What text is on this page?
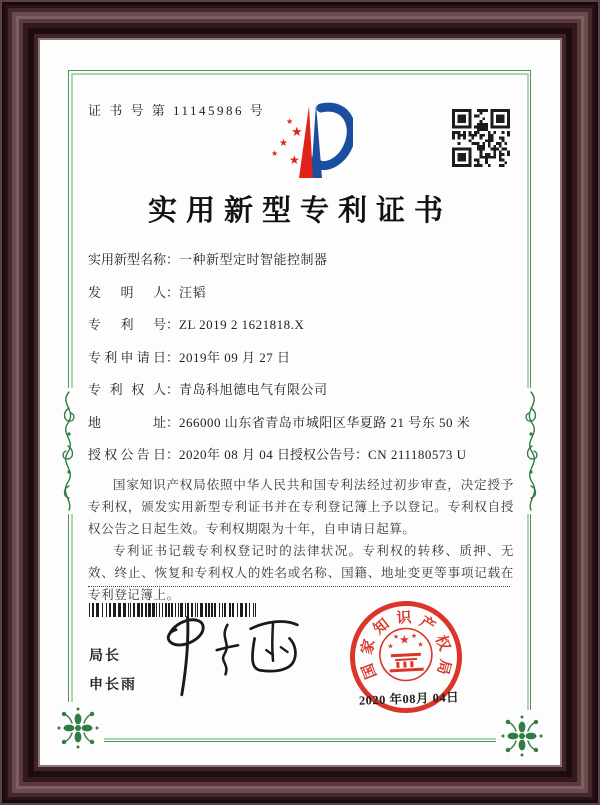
证 书 号 第 11145986 号
★
★
★
★
★
实用新型专利证书
实用新型名称：一种新型定时智能控制器
发明人：汪韬
专利号：ZL 2019 2 1621818.X
专利申请日：2019年 09 月 27 日
专利权人：青岛科旭德电气有限公司
地址：266000 山东省青岛市城阳区华夏路 21 号东 50 米
授权公告日：2020年 08 月 04 日 授权公告号：CN 211180573 U
国家知识产权局依照中华人民共和国专利法经过初步审查，决定授予专利权，颁发实用新型专利证书并在专利登记簿上予以登记。专利权自授权公告之日起生效。专利权期限为十年，自申请日起算。
专利证书记载专利权登记时的法律状况。专利权的转移、质押、无效、终止、恢复和专利权人的姓名或名称、国籍、地址变更等事项记载在专利登记簿上。
局长
申长雨
国
家
知 识 产
权
局
★
★
★ ★
★
2020 年08月 04日
